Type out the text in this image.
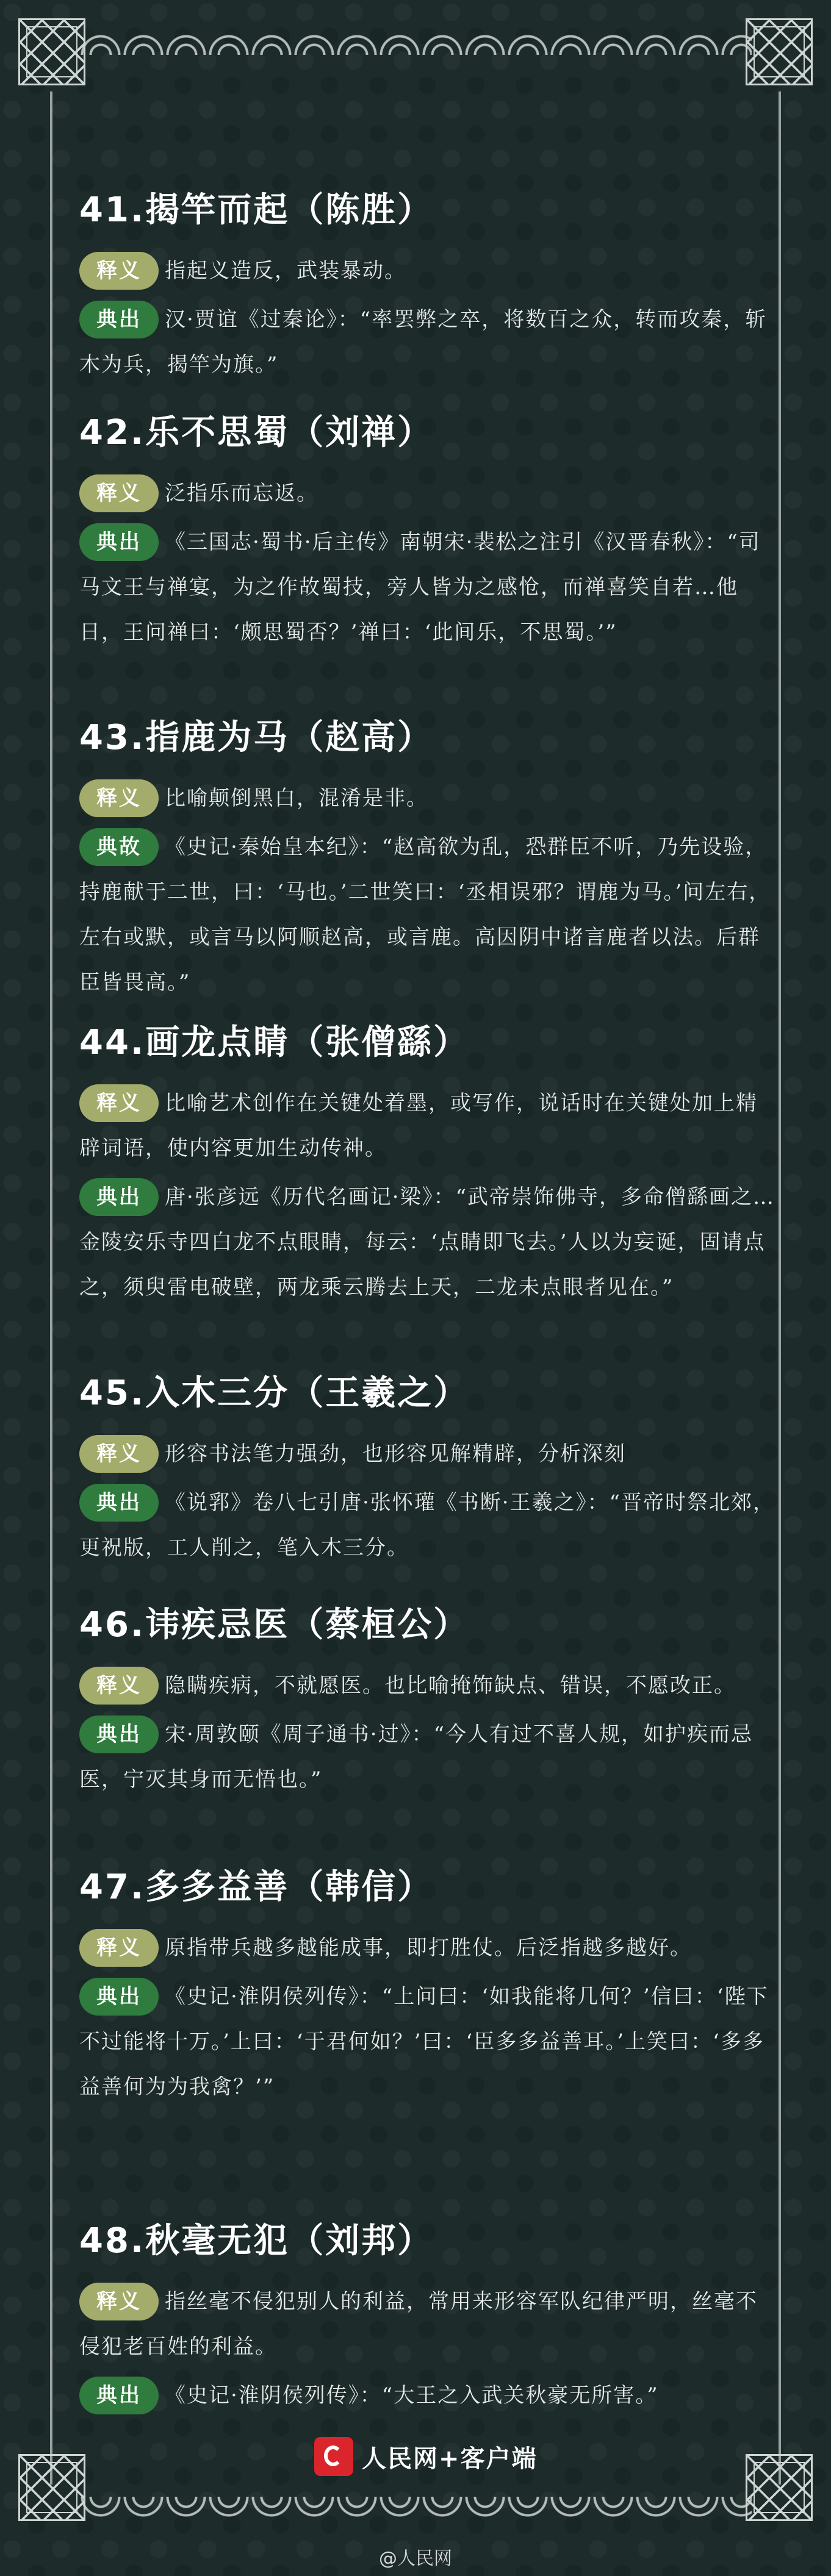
41.揭竿而起（陈胜）
释义 指起义造反，武装暴动。
典出 汉·贾谊《过秦论》：“率罢弊之卒，将数百之众，转而攻秦，斩木为兵，揭竿为旗。”
42.乐不思蜀（刘禅）
释义 泛指乐而忘返。
典出 《三国志·蜀书·后主传》南朝宋·裴松之注引《汉晋春秋》：“司马文王与禅宴，为之作故蜀技，旁人皆为之感怆，而禅喜笑自若…他日，王问禅曰：‘颇思蜀否？’禅曰：‘此间乐，不思蜀。’”
43.指鹿为马（赵高）
释义 比喻颠倒黑白，混淆是非。
典故 《史记·秦始皇本纪》：“赵高欲为乱，恐群臣不听，乃先设验，持鹿献于二世，曰：‘马也。’二世笑曰：‘丞相误邪？谓鹿为马。’问左右，左右或默，或言马以阿顺赵高，或言鹿。高因阴中诸言鹿者以法。后群臣皆畏高。”
44.画龙点睛（张僧繇）
释义 比喻艺术创作在关键处着墨，或写作，说话时在关键处加上精辟词语，使内容更加生动传神。
典出 唐·张彦远《历代名画记·梁》：“武帝崇饰佛寺，多命僧繇画之…金陵安乐寺四白龙不点眼睛，每云：‘点睛即飞去。’人以为妄诞，固请点之，须臾雷电破壁，两龙乘云腾去上天，二龙未点眼者见在。”
45.入木三分（王羲之）
释义 形容书法笔力强劲，也形容见解精辟，分析深刻
典出 《说郛》卷八七引唐·张怀瓘《书断·王羲之》：“晋帝时祭北郊，更祝版，工人削之，笔入木三分。
46.讳疾忌医（蔡桓公）
释义 隐瞒疾病，不就愿医。也比喻掩饰缺点、错误，不愿改正。
典出 宋·周敦颐《周子通书·过》：“今人有过不喜人规，如护疾而忌医，宁灭其身而无悟也。”
47.多多益善（韩信）
释义 原指带兵越多越能成事，即打胜仗。后泛指越多越好。
典出 《史记·淮阴侯列传》：“上问曰：‘如我能将几何？’信曰：‘陛下不过能将十万。’上曰：‘于君何如？’曰：‘臣多多益善耳。’上笑曰：‘多多益善何为为我禽？’”
48.秋毫无犯（刘邦）
释义 指丝毫不侵犯别人的利益，常用来形容军队纪律严明，丝毫不侵犯老百姓的利益。
典出 《史记·淮阴侯列传》：“大王之入武关秋豪无所害。”
人民网+客户端
@人民网
